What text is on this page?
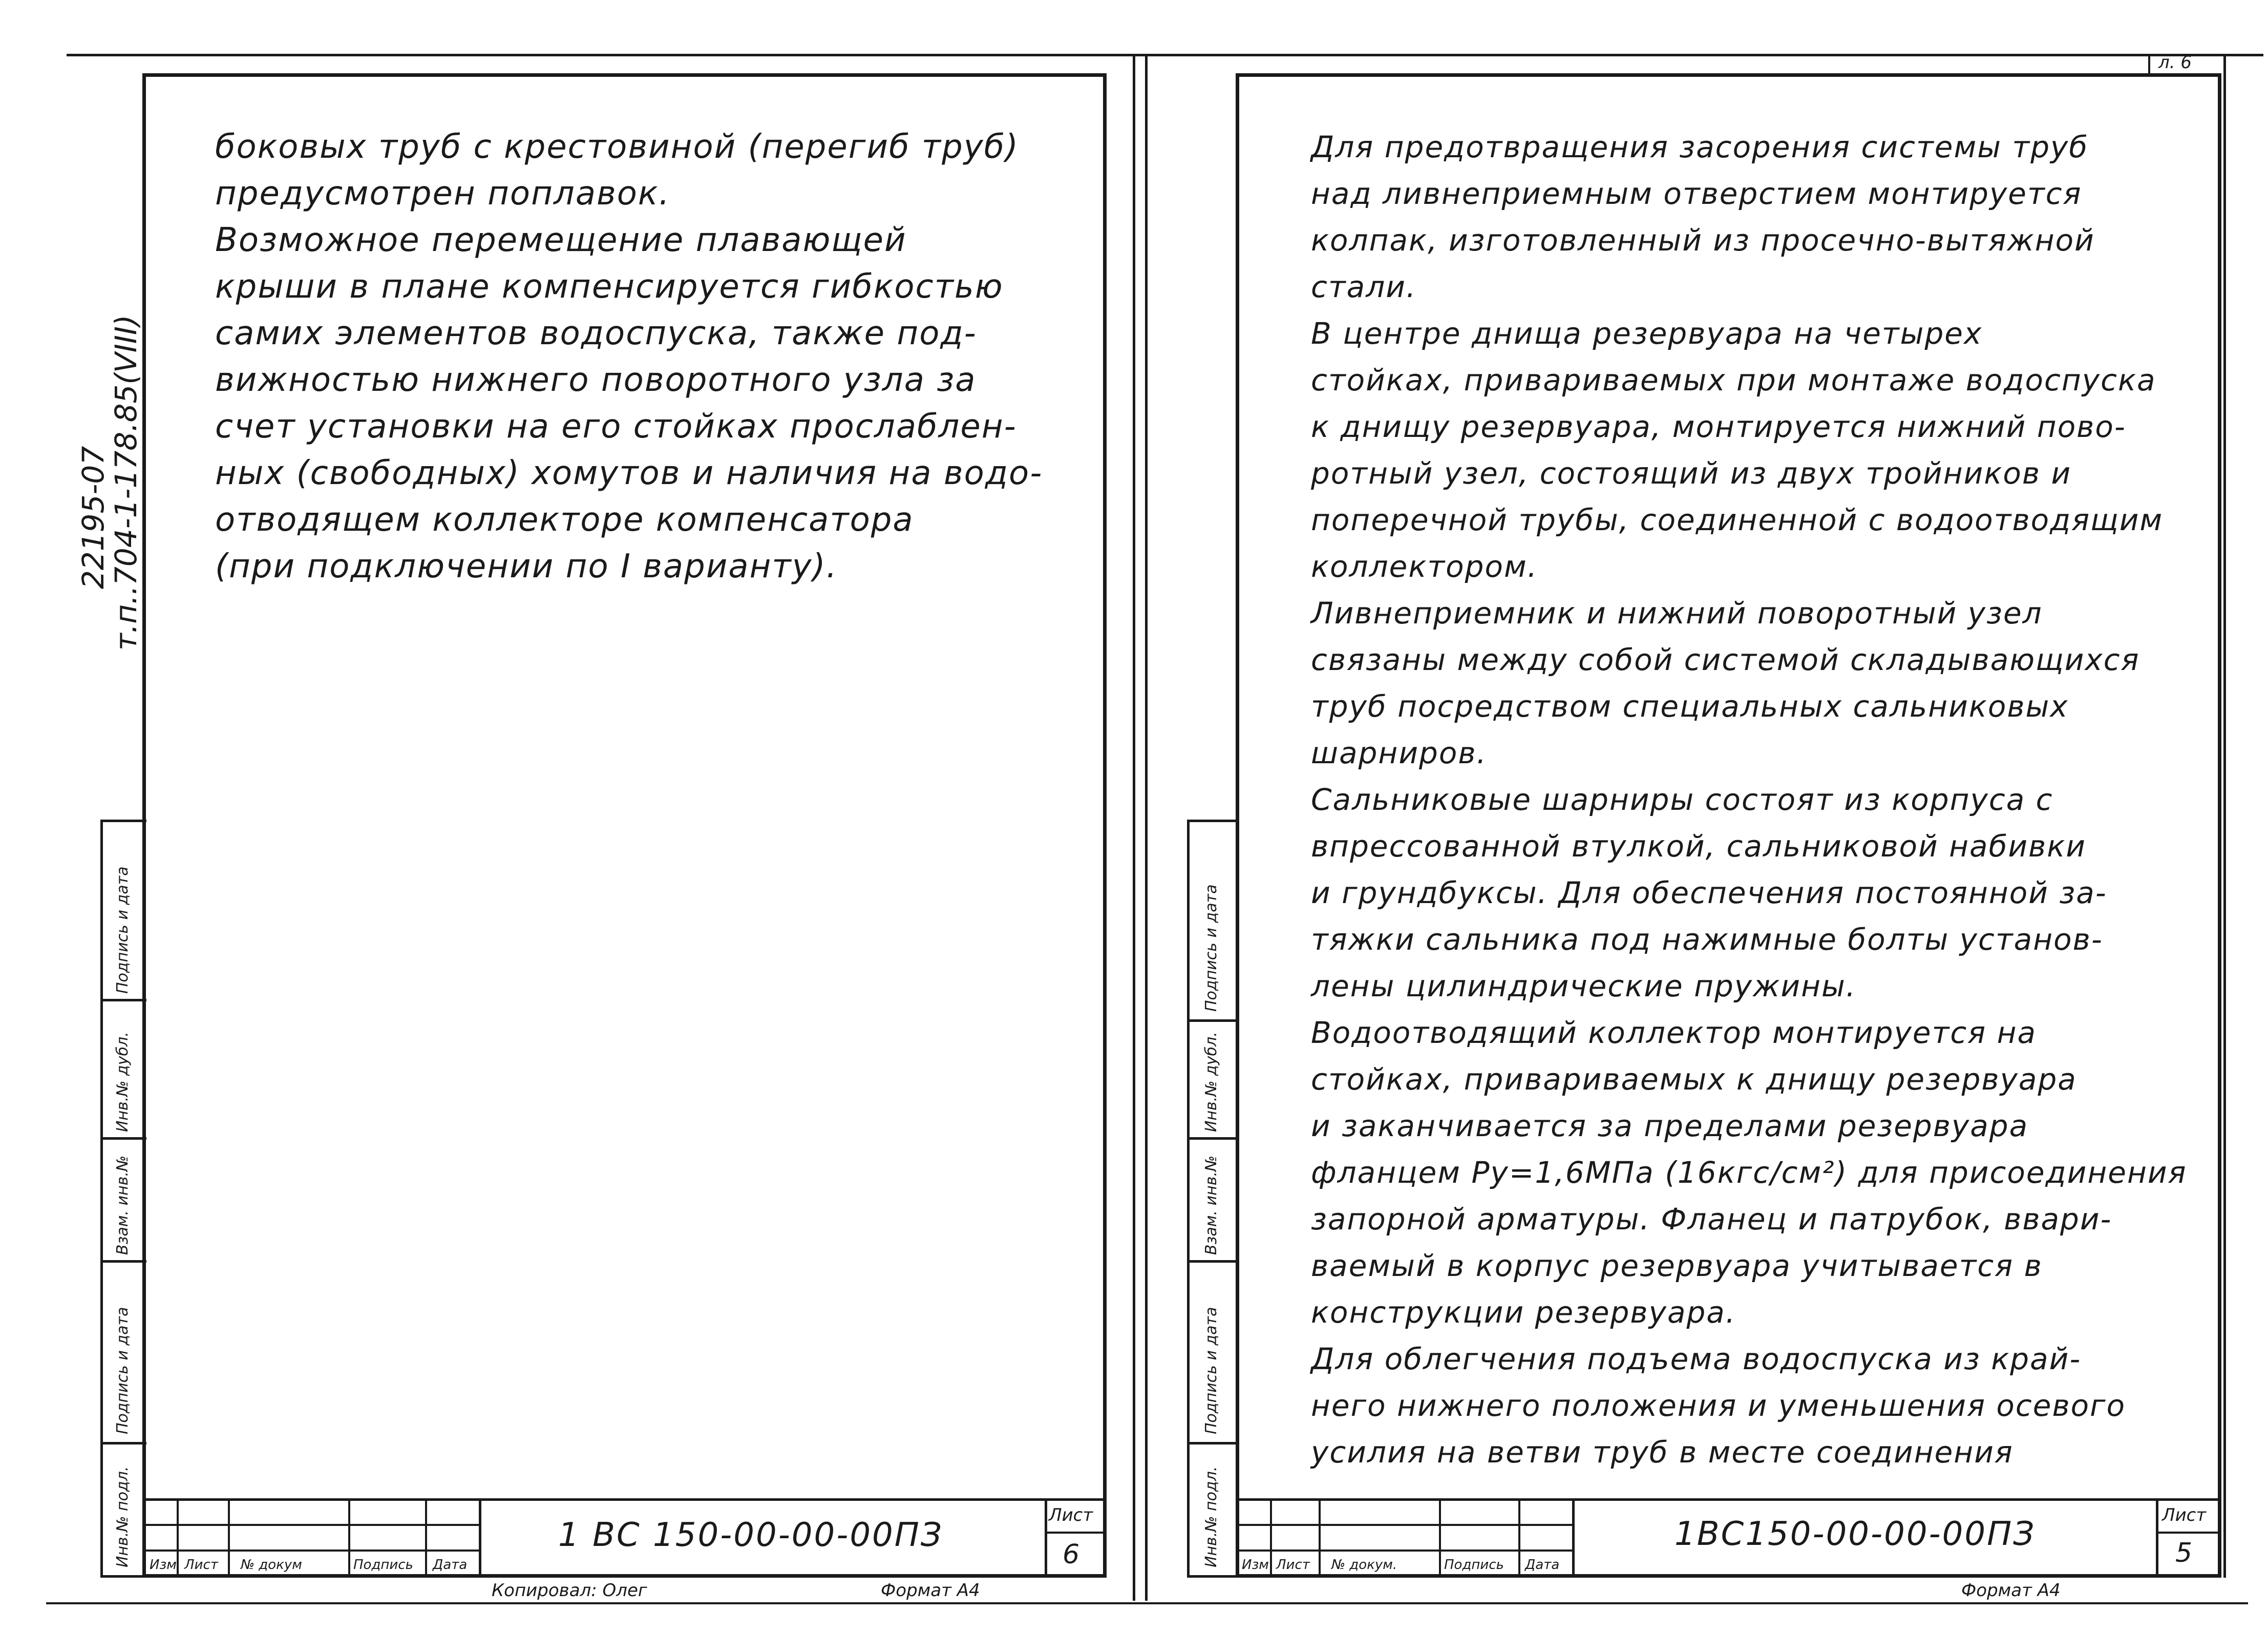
Инв.№ подл.
Подпись и дата
Взам. инв.№
Инв.№ дубл.
Подпись и дата
22195-07
т.п..704-1-178.85(VIII)
боковых труб с крестовиной (перегиб труб)
предусмотрен поплавок.
Возможное перемещение плавающей
крыши в плане компенсируется гибкостью
самих элементов водоспуска, также под-
вижностью нижнего поворотного узла за
счет установки на его стойках прослаблен-
ных (свободных) хомутов и наличия на водо-
отводящем коллекторе компенсатора
(при подключении по I варианту).
Изм Лист № докум	Подпись Дата
1 ВС 150-00-00-00ПЗ
Лист
6
Копировал: Олег	Формат А4
л. 6
Инв.№ подл.
Подпись и дата
Взам. инв.№
Инв.№ дубл.
Подпись и дата
Для предотвращения засорения системы труб
над ливнеприемным отверстием монтируется
колпак, изготовленный из просечно-вытяжной
стали.
В центре днища резервуара на четырех
стойках, привариваемых при монтаже водоспуска
к днищу резервуара, монтируется нижний пово-
ротный узел, состоящий из двух тройников и
поперечной трубы, соединенной с водоотводящим
коллектором.
Ливнеприемник и нижний поворотный узел
связаны между собой системой складывающихся
труб посредством специальных сальниковых
шарниров.
Сальниковые шарниры состоят из корпуса с
впрессованной втулкой, сальниковой набивки
и грундбуксы. Для обеспечения постоянной за-
тяжки сальника под нажимные болты установ-
лены цилиндрические пружины.
Водоотводящий коллектор монтируется на
стойках, привариваемых к днищу резервуара
и заканчивается за пределами резервуара
фланцем Ру=1,6МПа (16кгс/см²) для присоединения
запорной арматуры. Фланец и патрубок, ввари-
ваемый в корпус резервуара учитывается в
конструкции резервуара.
Для облегчения подъема водоспуска из край-
него нижнего положения и уменьшения осевого
усилия на ветви труб в месте соединения
Изм Лист № докум.	Подпись Дата
1ВС150-00-00-00ПЗ	Лист
5
Формат А4
